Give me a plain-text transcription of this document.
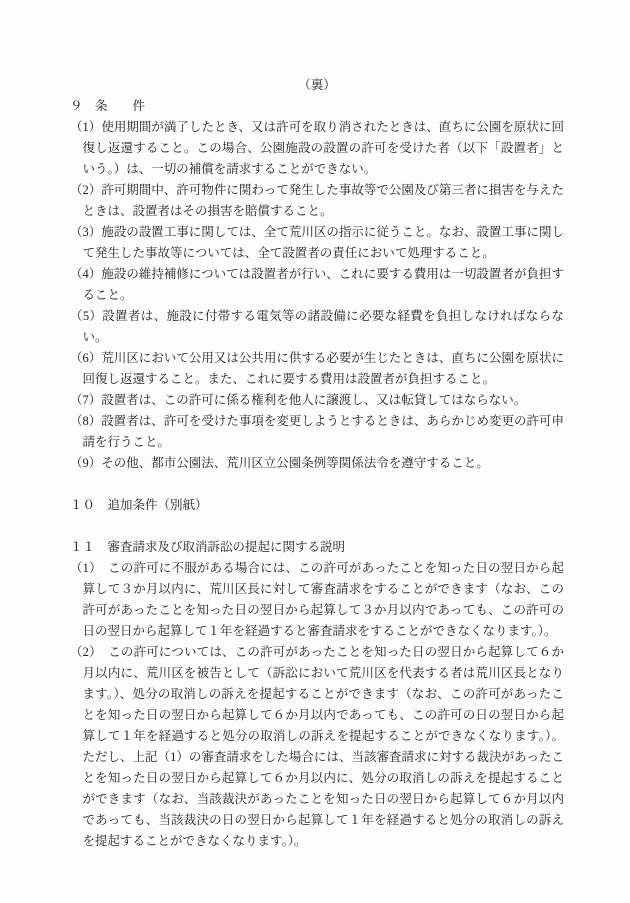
（裏）
９　条　　件

（1）使用期間が満了したとき、又は許可を取り消されたときは、直ちに公園を原状に回復し返還すること。この場合、公園施設の設置の許可を受けた者（以下「設置者」という。）は、一切の補償を請求することができない。

（2）許可期間中、許可物件に関わって発生した事故等で公園及び第三者に損害を与えたときは、設置者はその損害を賠償すること。

（3）施設の設置工事に関しては、全て荒川区の指示に従うこと。なお、設置工事に関して発生した事故等については、全て設置者の責任において処理すること。

（4）施設の維持補修については設置者が行い、これに要する費用は一切設置者が負担すること。

（5）設置者は、施設に付帯する電気等の諸設備に必要な経費を負担しなければならない。

（6）荒川区において公用又は公共用に供する必要が生じたときは、直ちに公園を原状に回復し返還すること。また、これに要する費用は設置者が負担すること。

（7）設置者は、この許可に係る権利を他人に譲渡し、又は転貸してはならない。

（8）設置者は、許可を受けた事項を変更しようとするときは、あらかじめ変更の許可申請を行うこと。

（9）その他、都市公園法、荒川区立公園条例等関係法令を遵守すること。

１０　追加条件（別紙）
１１　審査請求及び取消訴訟の提起に関する説明

（1）　この許可に不服がある場合には、この許可があったことを知った日の翌日から起算して３か月以内に、荒川区長に対して審査請求をすることができます（なお、この許可があったことを知った日の翌日から起算して３か月以内であっても、この許可の日の翌日から起算して１年を経過すると審査請求をすることができなくなります。）。

（2）　この許可については、この許可があったことを知った日の翌日から起算して６か月以内に、荒川区を被告として（訴訟において荒川区を代表する者は荒川区長となります。）、処分の取消しの訴えを提起することができます（なお、この許可があったことを知った日の翌日から起算して６か月以内であっても、この許可の日の翌日から起算して１年を経過すると処分の取消しの訴えを提起することができなくなります。）。ただし、上記（1）の審査請求をした場合には、当該審査請求に対する裁決があったことを知った日の翌日から起算して６か月以内に、処分の取消しの訴えを提起することができます（なお、当該裁決があったことを知った日の翌日から起算して６か月以内であっても、当該裁決の日の翌日から起算して１年を経過すると処分の取消しの訴えを提起することができなくなります。）。
